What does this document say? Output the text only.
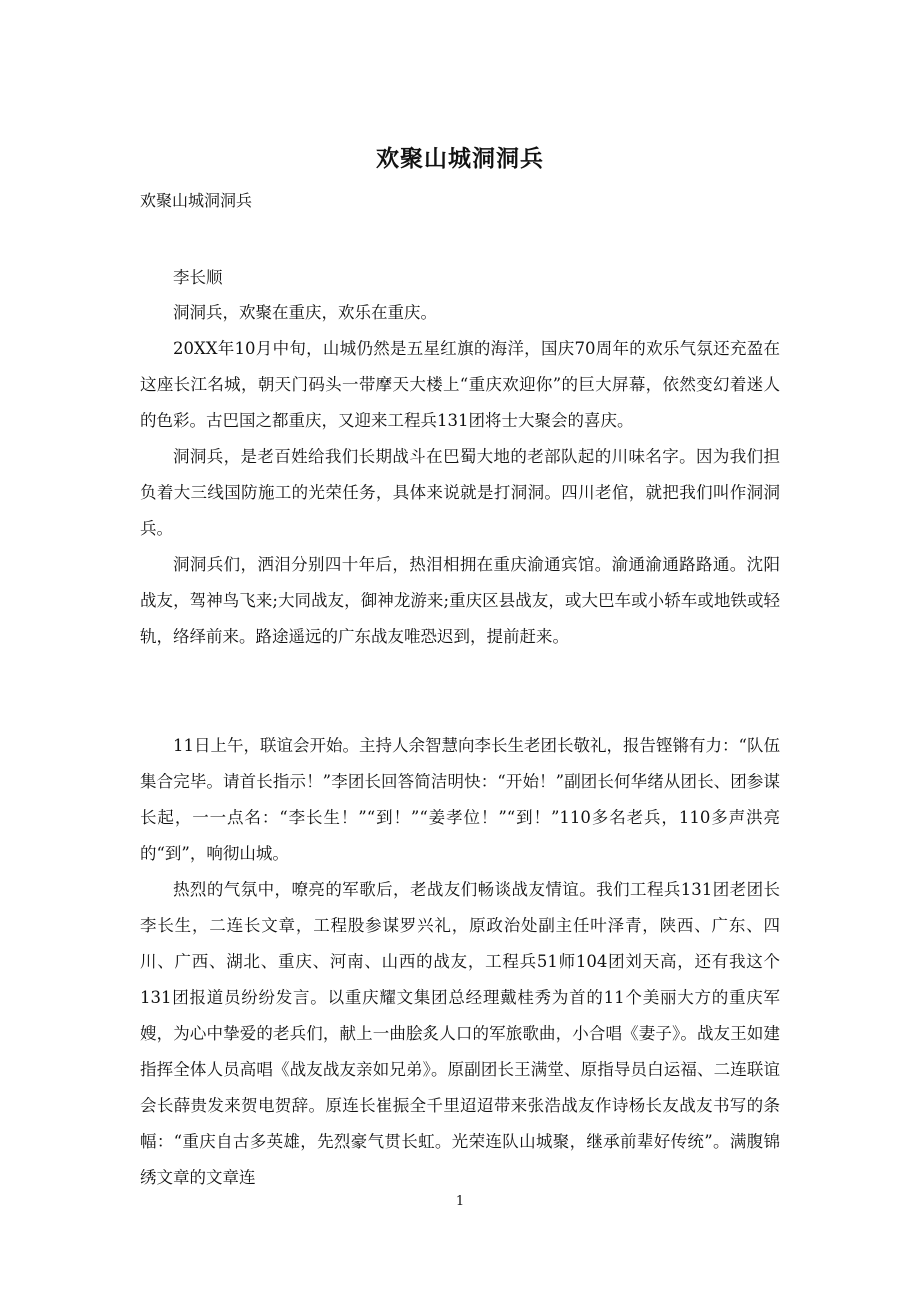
欢聚山城洞洞兵
欢聚山城洞洞兵

李长顺

洞洞兵，欢聚在重庆，欢乐在重庆。

20XX年10月中旬，山城仍然是五星红旗的海洋，国庆70周年的欢乐气氛还充盈在这座长江名城，朝天门码头一带摩天大楼上“重庆欢迎你”的巨大屏幕，依然变幻着迷人的色彩。古巴国之都重庆，又迎来工程兵131团将士大聚会的喜庆。

洞洞兵，是老百姓给我们长期战斗在巴蜀大地的老部队起的川味名字。因为我们担负着大三线国防施工的光荣任务，具体来说就是打洞洞。四川老倌，就把我们叫作洞洞兵。

洞洞兵们，洒泪分别四十年后，热泪相拥在重庆渝通宾馆。渝通渝通路路通。沈阳战友，驾神鸟飞来;大同战友，御神龙游来;重庆区县战友，或大巴车或小轿车或地铁或轻轨，络绎前来。路途遥远的广东战友唯恐迟到，提前赶来。

11日上午，联谊会开始。主持人余智慧向李长生老团长敬礼，报告铿锵有力：“队伍集合完毕。请首长指示！”李团长回答简洁明快：“开始！”副团长何华绪从团长、团参谋长起，一一点名：“李长生！”“到！”“姜孝位！”“到！”110多名老兵，110多声洪亮的“到”，响彻山城。

热烈的气氛中，嘹亮的军歌后，老战友们畅谈战友情谊。我们工程兵131团老团长李长生，二连长文章，工程股参谋罗兴礼，原政治处副主任叶泽青，陕西、广东、四川、广西、湖北、重庆、河南、山西的战友，工程兵51师104团刘天高，还有我这个131团报道员纷纷发言。以重庆耀文集团总经理戴桂秀为首的11个美丽大方的重庆军嫂，为心中挚爱的老兵们，献上一曲脍炙人口的军旅歌曲，小合唱《妻子》。战友王如建指挥全体人员高唱《战友战友亲如兄弟》。原副团长王满堂、原指导员白运福、二连联谊会长薛贵发来贺电贺辞。原连长崔振全千里迢迢带来张浩战友作诗杨长友战友书写的条幅：“重庆自古多英雄，先烈豪气贯长虹。光荣连队山城聚，继承前辈好传统”。满腹锦绣文章的文章连

1
